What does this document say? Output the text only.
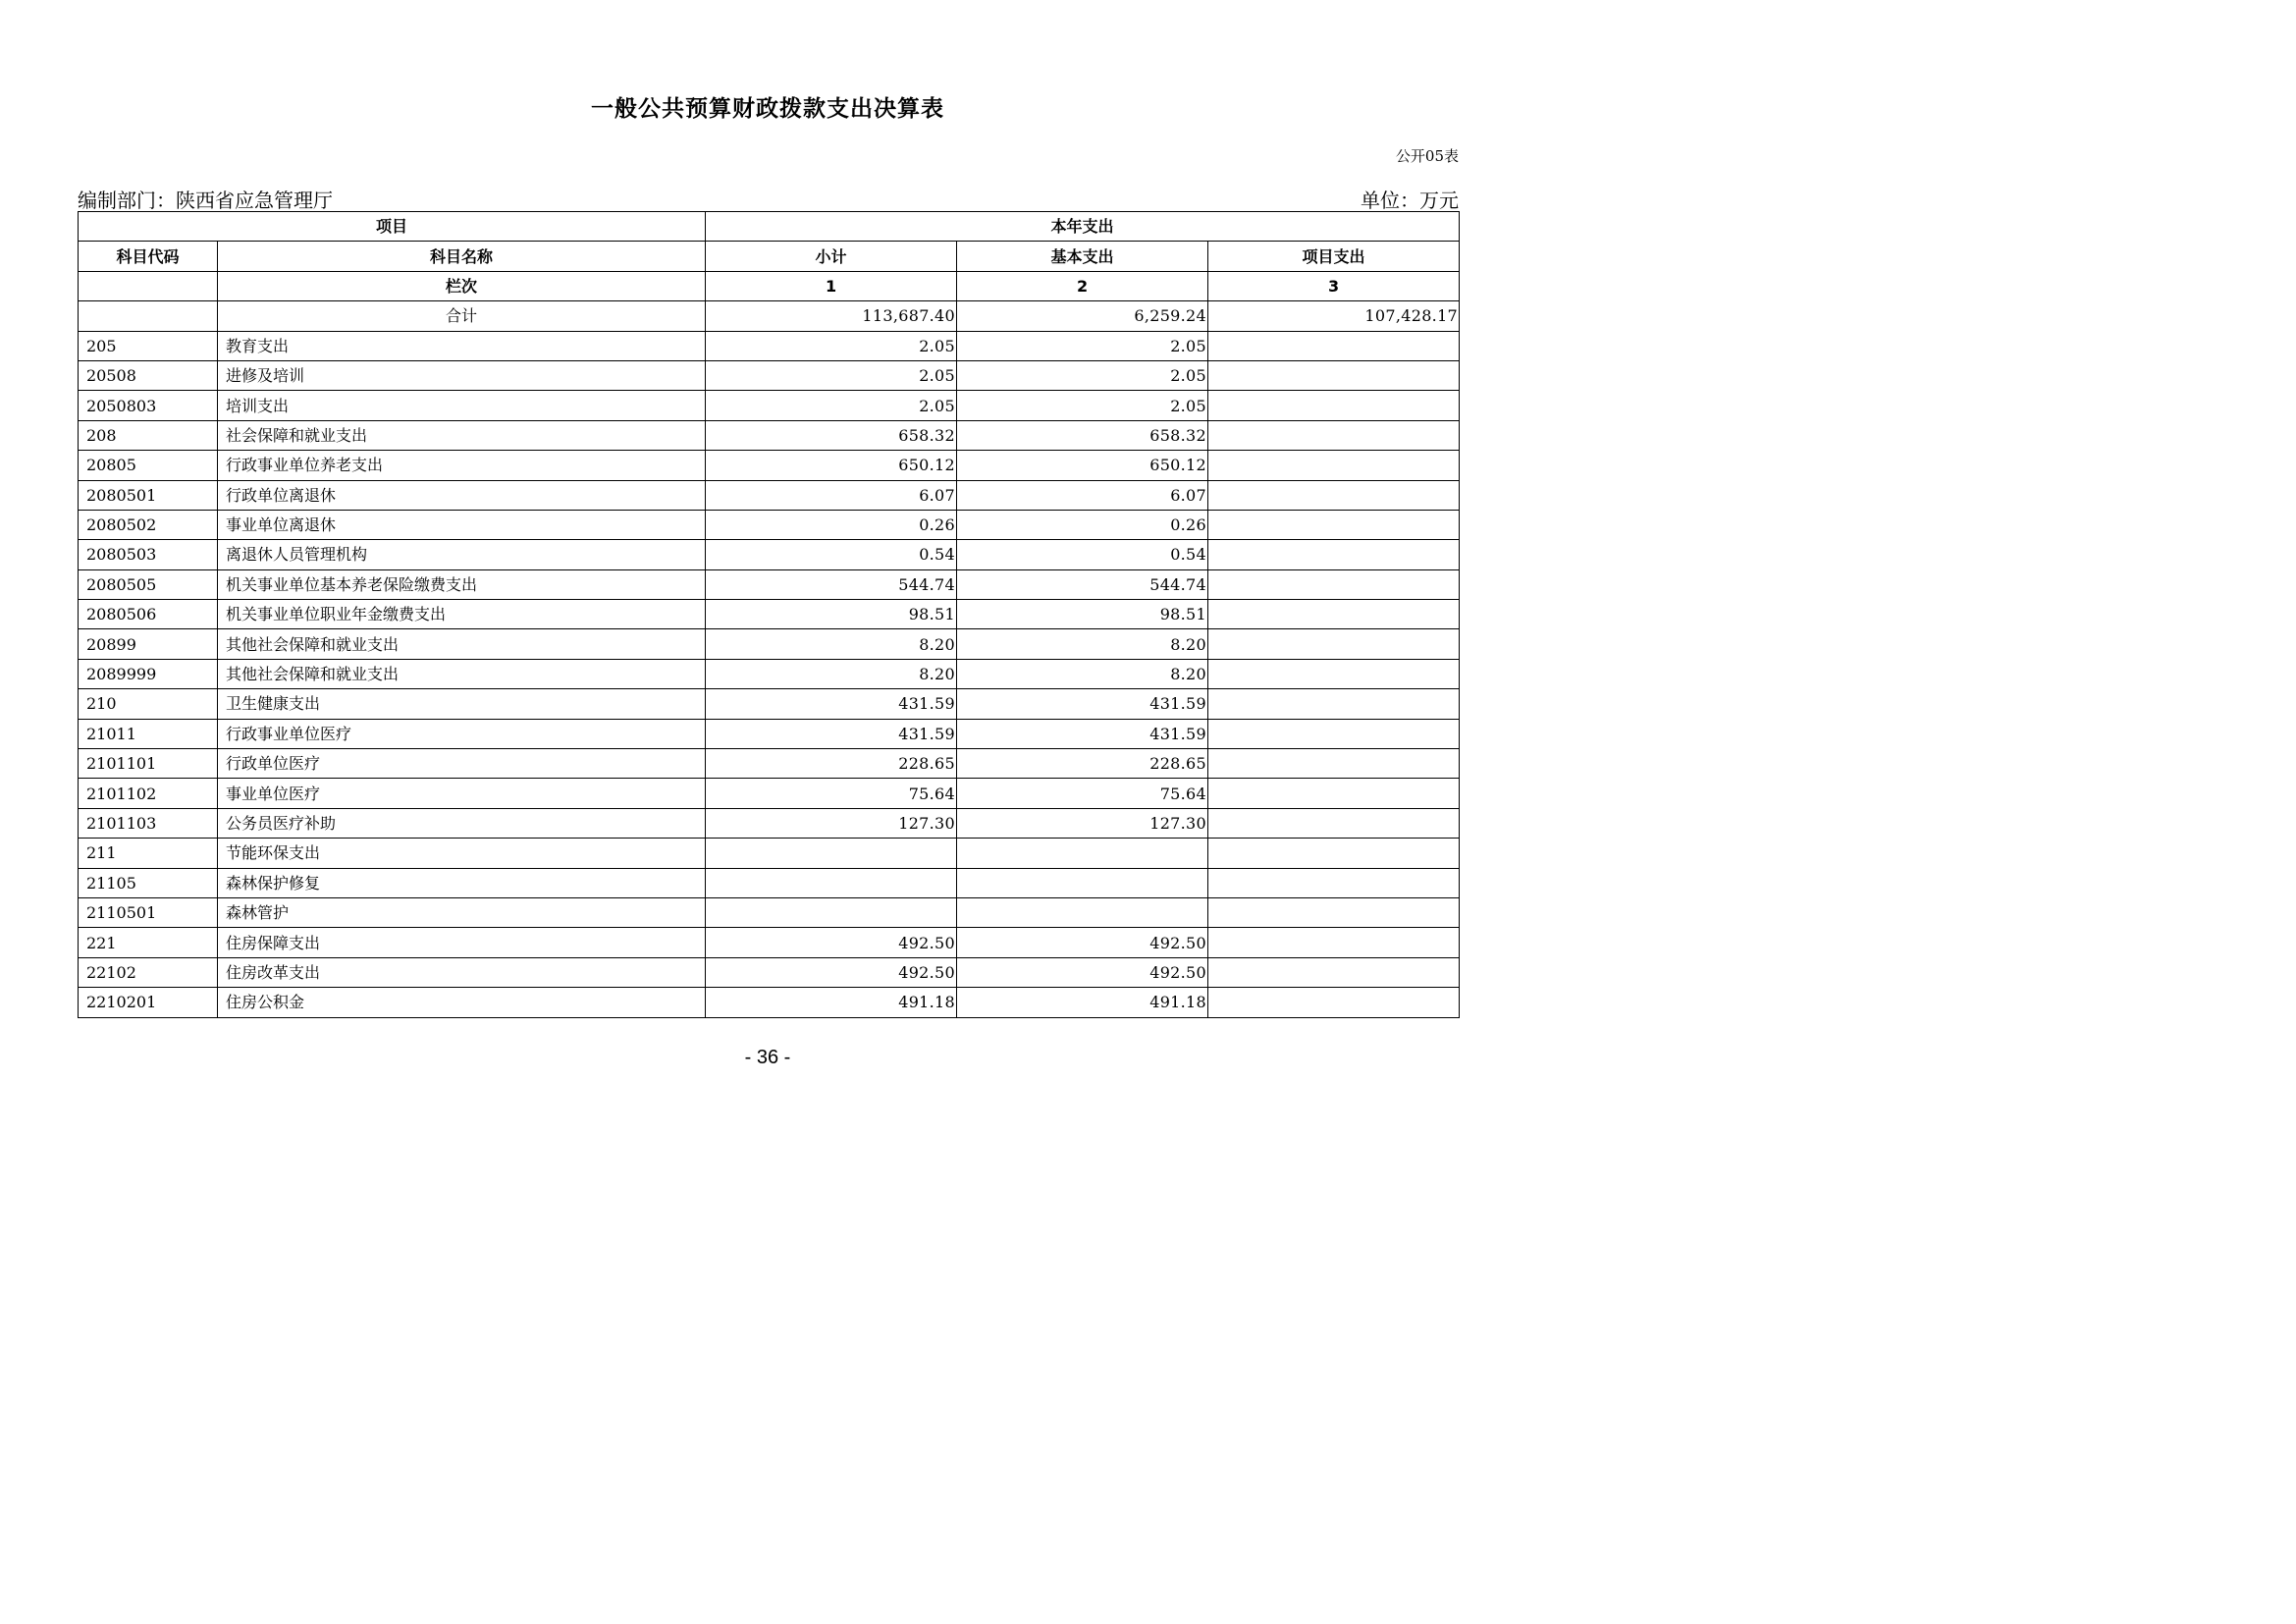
一般公共预算财政拨款支出决算表
公开05表
编制部门：陕西省应急管理厅	单位：万元
项目		本年支出		
科目代码	科目名称	小计	基本支出	项目支出
	栏次	1	2	3
	合计	113,687.40	6,259.24	107,428.17
205	教育支出	2.05	2.05	
20508	进修及培训	2.05	2.05	
2050803	培训支出	2.05	2.05	
208	社会保障和就业支出	658.32	658.32	
20805	行政事业单位养老支出	650.12	650.12	
2080501	行政单位离退休	6.07	6.07	
2080502	事业单位离退休	0.26	0.26	
2080503	离退休人员管理机构	0.54	0.54	
2080505	机关事业单位基本养老保险缴费支出	544.74	544.74	
2080506	机关事业单位职业年金缴费支出	98.51	98.51	
20899	其他社会保障和就业支出	8.20	8.20	
2089999	其他社会保障和就业支出	8.20	8.20	
210	卫生健康支出	431.59	431.59	
21011	行政事业单位医疗	431.59	431.59	
2101101	行政单位医疗	228.65	228.65	
2101102	事业单位医疗	75.64	75.64	
2101103	公务员医疗补助	127.30	127.30	
211	节能环保支出			
21105	森林保护修复			
2110501	森林管护			
221	住房保障支出	492.50	492.50	
22102	住房改革支出	492.50	492.50	
2210201	住房公积金	491.18	491.18	
- 36 -
